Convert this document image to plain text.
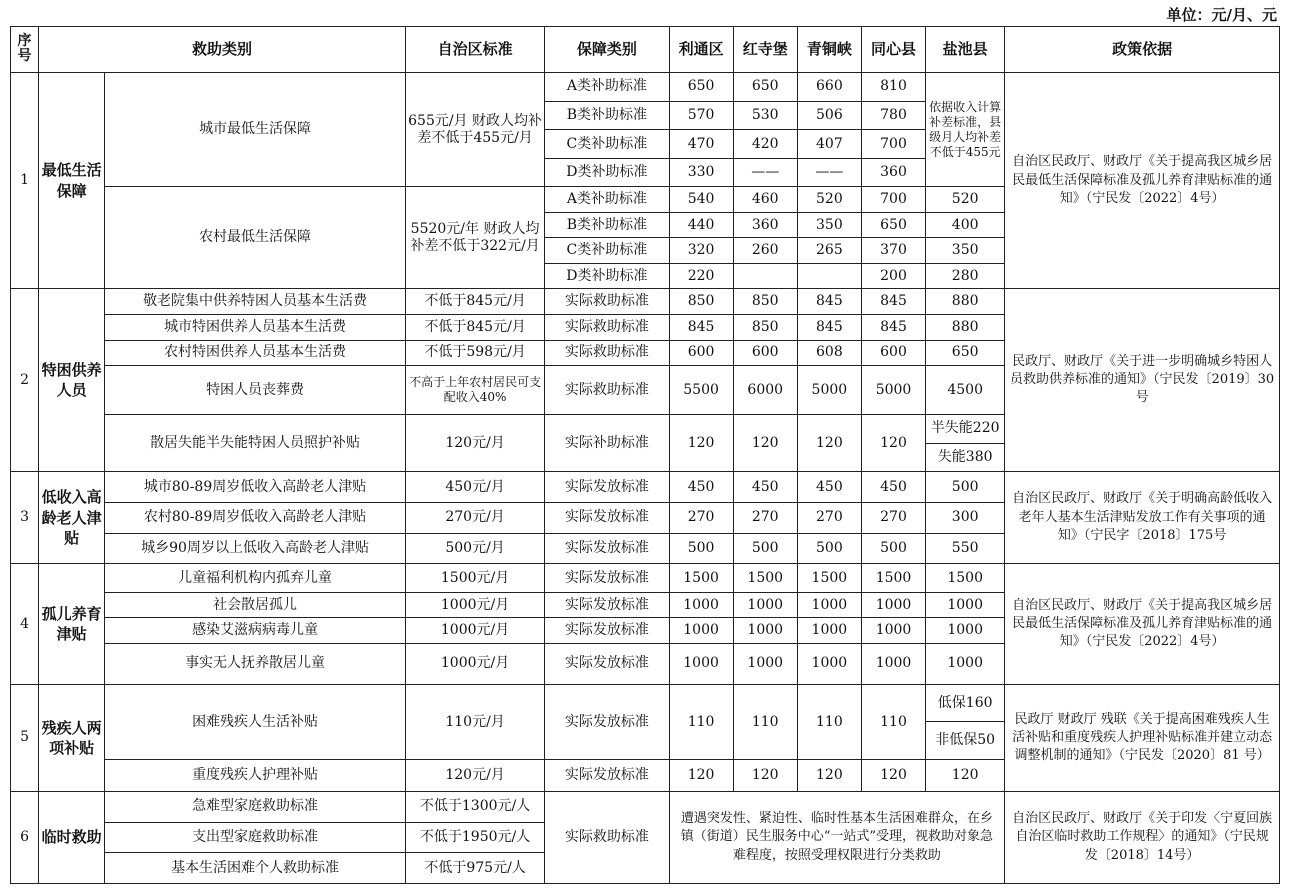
单位：元/月、元
序号	救助类别		自治区标准	保障类别	利通区	红寺堡	青铜峡	同心县	盐池县	政策依据
1	最低生活保障	城市最低生活保障	655元/月 财政人均补差不低于455元/月	A类补助标准	650	650	660	810	依据收入计算补差标准，县级月人均补差不低于455元	自治区民政厅、财政厅《关于提高我区城乡居民最低生活保障标准及孤儿养育津贴标准的通知》（宁民发〔2022〕4号）
				B类补助标准	570	530	506	780		
				C类补助标准	470	420	407	700		
				D类补助标准	330	——	——	360		
		农村最低生活保障	5520元/年 财政人均补差不低于322元/月	A类补助标准	540	460	520	700	520	
				B类补助标准	440	360	350	650	400	
				C类补助标准	320	260	265	370	350	
				D类补助标准	220			200	280	
2	特困供养人员	敬老院集中供养特困人员基本生活费	不低于845元/月	实际救助标准	850	850	845	845	880	民政厅、财政厅《关于进一步明确城乡特困人员救助供养标准的通知》（宁民发〔2019〕30号
		城市特困供养人员基本生活费	不低于845元/月	实际救助标准	845	850	845	845	880	
		农村特困供养人员基本生活费	不低于598元/月	实际救助标准	600	600	608	600	650	
		特困人员丧葬费	不高于上年农村居民可支配收入40%	实际救助标准	5500	6000	5000	5000	4500	
		散居失能半失能特困人员照护补贴	120元/月	实际补助标准	120	120	120	120	半失能220	
									失能380	
3	低收入高龄老人津贴	城市80-89周岁低收入高龄老人津贴	450元/月	实际发放标准	450	450	450	450	500	自治区民政厅、财政厅《关于明确高龄低收入老年人基本生活津贴发放工作有关事项的通知》（宁民字〔2018〕175号
		农村80-89周岁低收入高龄老人津贴	270元/月	实际发放标准	270	270	270	270	300	
		城乡90周岁以上低收入高龄老人津贴	500元/月	实际发放标准	500	500	500	500	550	
4	孤儿养育津贴	儿童福利机构内孤弃儿童	1500元/月	实际发放标准	1500	1500	1500	1500	1500	自治区民政厅、财政厅《关于提高我区城乡居民最低生活保障标准及孤儿养育津贴标准的通知》（宁民发〔2022〕4号）
		社会散居孤儿	1000元/月	实际发放标准	1000	1000	1000	1000	1000	
		感染艾滋病病毒儿童	1000元/月	实际发放标准	1000	1000	1000	1000	1000	
		事实无人抚养散居儿童	1000元/月	实际发放标准	1000	1000	1000	1000	1000	
5	残疾人两项补贴	困难残疾人生活补贴	110元/月	实际发放标准	110	110	110	110	低保160	民政厅 财政厅 残联《关于提高困难残疾人生活补贴和重度残疾人护理补贴标准并建立动态调整机制的通知》（宁民发〔2020〕81 号）
									非低保50	
		重度残疾人护理补贴	120元/月	实际发放标准	120	120	120	120	120	
6	临时救助	急难型家庭救助标准	不低于1300元/人	实际救助标准	遭遇突发性、紧迫性、临时性基本生活困难群众，在乡镇（街道）民生服务中心“一站式”受理，视救助对象急难程度，按照受理权限进行分类救助					自治区民政厅、财政厅《关于印发〈宁夏回族自治区临时救助工作规程〉的通知》（宁民规发〔2018〕14号）
		支出型家庭救助标准	不低于1950元/人							
		基本生活困难个人救助标准	不低于975元/人							
